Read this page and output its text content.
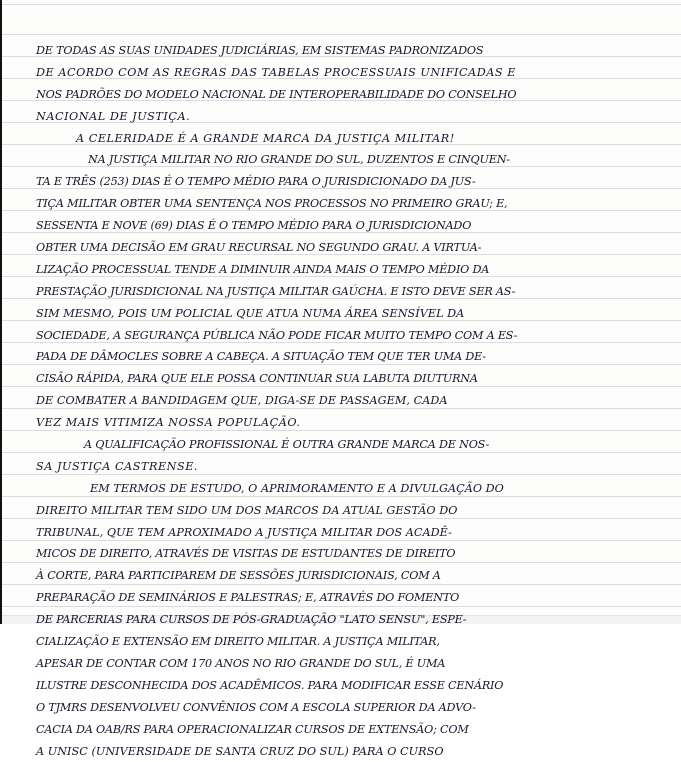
DE TODAS AS SUAS UNIDADES JUDICIÁRIAS, EM SISTEMAS PADRONIZADOS
DE ACORDO COM AS REGRAS DAS TABELAS PROCESSUAIS UNIFICADAS E
NOS PADRÕES DO MODELO NACIONAL DE INTEROPERABILIDADE DO CONSELHO
NACIONAL DE JUSTIÇA.
A CELERIDADE É A GRANDE MARCA DA JUSTIÇA MILITAR!
NA JUSTIÇA MILITAR NO RIO GRANDE DO SUL, DUZENTOS E CINQUEN-
TA E TRÊS (253) DIAS É O TEMPO MÉDIO PARA O JURISDICIONADO DA JUS-
TIÇA MILITAR OBTER UMA SENTENÇA NOS PROCESSOS NO PRIMEIRO GRAU; E,
SESSENTA E NOVE (69) DIAS É O TEMPO MÉDIO PARA O JURISDICIONADO
OBTER UMA DECISÃO EM GRAU RECURSAL NO SEGUNDO GRAU. A VIRTUA-
LIZAÇÃO PROCESSUAL TENDE A DIMINUIR AINDA MAIS O TEMPO MÉDIO DA
PRESTAÇÃO JURISDICIONAL NA JUSTIÇA MILITAR GAÚCHA. E ISTO DEVE SER AS-
SIM MESMO, POIS UM POLICIAL QUE ATUA NUMA ÁREA SENSÍVEL DA
SOCIEDADE, A SEGURANÇA PÚBLICA NÃO PODE FICAR MUITO TEMPO COM A ES-
PADA DE DÂMOCLES SOBRE A CABEÇA. A SITUAÇÃO TEM QUE TER UMA DE-
CISÃO RÁPIDA, PARA QUE ELE POSSA CONTINUAR SUA LABUTA DIUTURNA
DE COMBATER A BANDIDAGEM QUE, DIGA-SE DE PASSAGEM, CADA
VEZ MAIS VITIMIZA NOSSA POPULAÇÃO.
A QUALIFICAÇÃO PROFISSIONAL É OUTRA GRANDE MARCA DE NOS-
SA JUSTIÇA CASTRENSE.
EM TERMOS DE ESTUDO, O APRIMORAMENTO E A DIVULGAÇÃO DO
DIREITO MILITAR TEM SIDO UM DOS MARCOS DA ATUAL GESTÃO DO
TRIBUNAL, QUE TEM APROXIMADO A JUSTIÇA MILITAR DOS ACADÊ-
MICOS DE DIREITO, ATRAVÉS DE VISITAS DE ESTUDANTES DE DIREITO
À CORTE, PARA PARTICIPAREM DE SESSÕES JURISDICIONAIS, COM A
PREPARAÇÃO DE SEMINÁRIOS E PALESTRAS; E, ATRAVÉS DO FOMENTO
DE PARCERIAS PARA CURSOS DE PÓS-GRADUAÇÃO "LATO SENSU", ESPE-
CIALIZAÇÃO E EXTENSÃO EM DIREITO MILITAR. A JUSTIÇA MILITAR,
APESAR DE CONTAR COM 170 ANOS NO RIO GRANDE DO SUL, É UMA
ILUSTRE DESCONHECIDA DOS ACADÊMICOS. PARA MODIFICAR ESSE CENÁRIO
O TJMRS DESENVOLVEU CONVÊNIOS COM A ESCOLA SUPERIOR DA ADVO-
CACIA DA OAB/RS PARA OPERACIONALIZAR CURSOS DE EXTENSÃO; COM
A UNISC (UNIVERSIDADE DE SANTA CRUZ DO SUL) PARA O CURSO
